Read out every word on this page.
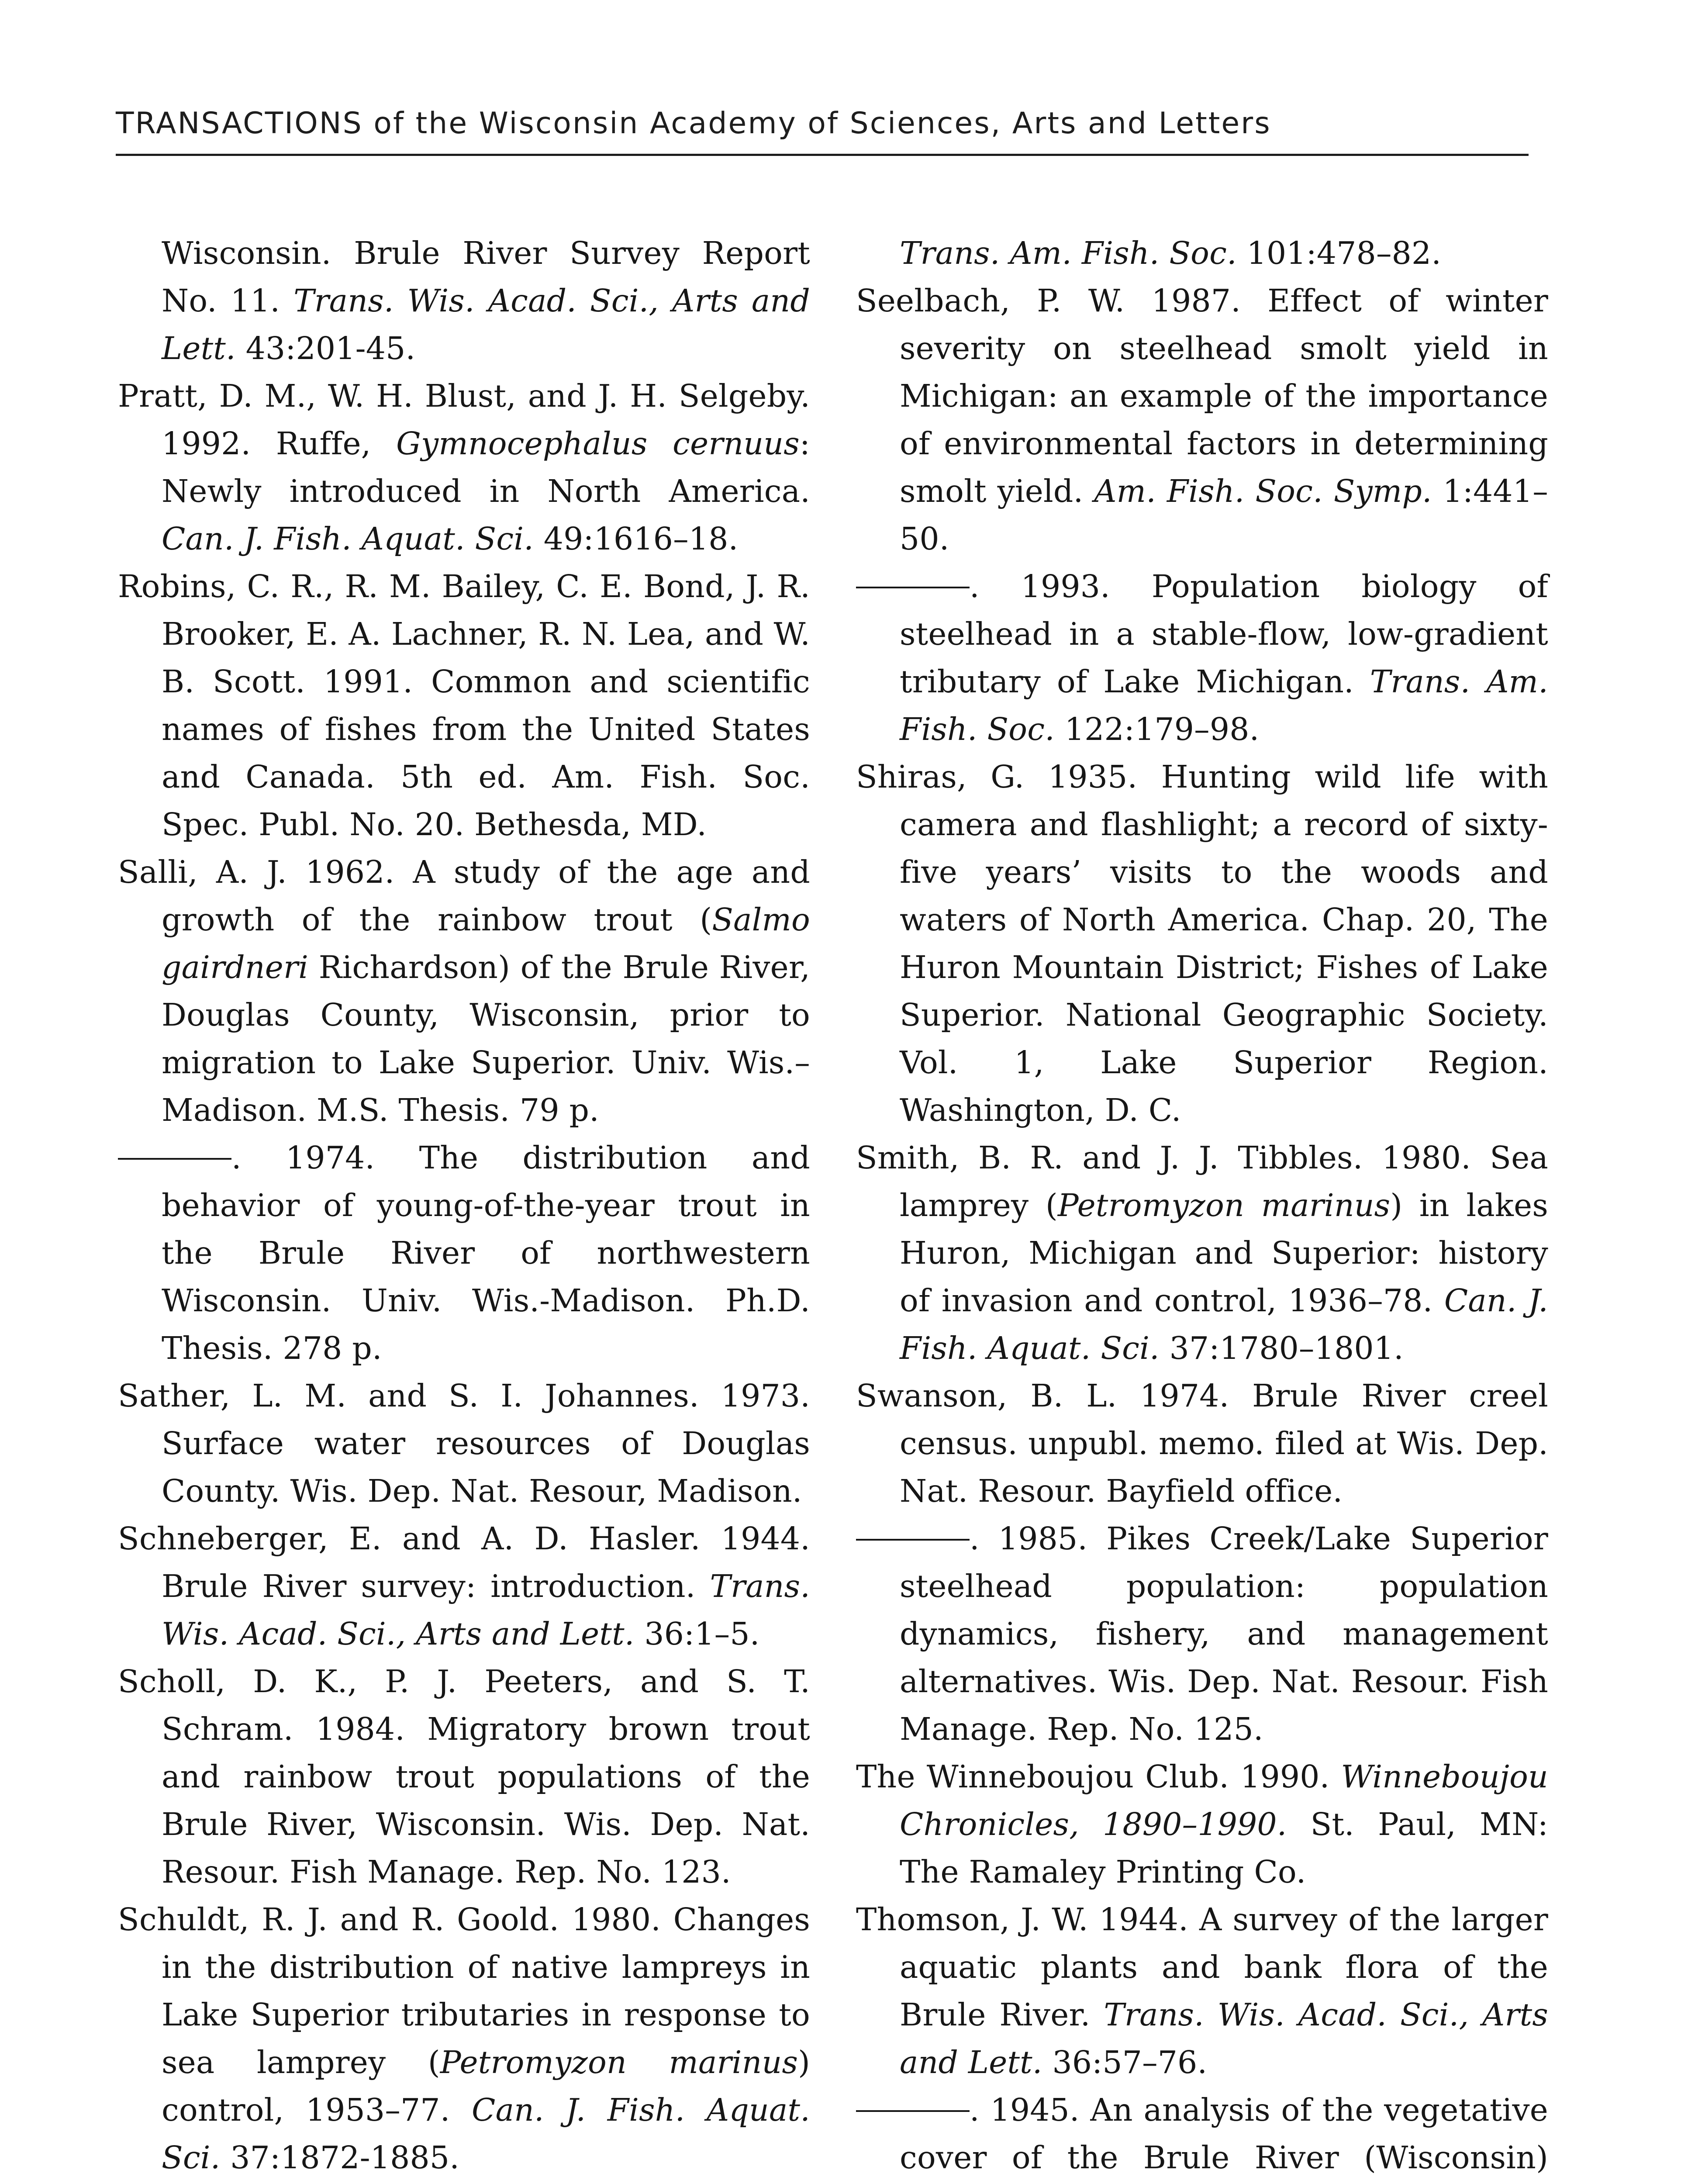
TRANSACTIONS of the Wisconsin Academy of Sciences, Arts and Letters

Wisconsin. Brule River Survey Report No. 11. Trans. Wis. Acad. Sci., Arts and Lett. 43:201-45.

Pratt, D. M., W. H. Blust, and J. H. Selgeby. 1992. Ruffe, Gymnocephalus cernuus: Newly introduced in North America. Can. J. Fish. Aquat. Sci. 49:1616–18.

Robins, C. R., R. M. Bailey, C. E. Bond, J. R. Brooker, E. A. Lachner, R. N. Lea, and W. B. Scott. 1991. Common and scientific names of fishes from the United States and Canada. 5th ed. Am. Fish. Soc. Spec. Publ. No. 20. Bethesda, MD.

Salli, A. J. 1962. A study of the age and growth of the rainbow trout (Salmo gairdneri Richardson) of the Brule River, Douglas County, Wisconsin, prior to migration to Lake Superior. Univ. Wis.–Madison. M.S. Thesis. 79 p.

. 1974. The distribution and behavior of young-of-the-year trout in the Brule River of northwestern Wisconsin. Univ. Wis.-Madison. Ph.D. Thesis. 278 p.

Sather, L. M. and S. I. Johannes. 1973. Surface water resources of Douglas County. Wis. Dep. Nat. Resour, Madison.

Schneberger, E. and A. D. Hasler. 1944. Brule River survey: introduction. Trans. Wis. Acad. Sci., Arts and Lett. 36:1–5.

Scholl, D. K., P. J. Peeters, and S. T. Schram. 1984. Migratory brown trout and rainbow trout populations of the Brule River, Wisconsin. Wis. Dep. Nat. Resour. Fish Manage. Rep. No. 123.

Schuldt, R. J. and R. Goold. 1980. Changes in the distribution of native lampreys in Lake Superior tributaries in response to sea lamprey (Petromyzon marinus) control, 1953–77. Can. J. Fish. Aquat. Sci. 37:1872-1885.

Trans. Am. Fish. Soc. 101:478–82.

Seelbach, P. W. 1987. Effect of winter severity on steelhead smolt yield in Michigan: an example of the importance of environmental factors in determining smolt yield. Am. Fish. Soc. Symp. 1:441–50.

. 1993. Population biology of steelhead in a stable-flow, low-gradient tributary of Lake Michigan. Trans. Am. Fish. Soc. 122:179–98.

Shiras, G. 1935. Hunting wild life with camera and flashlight; a record of sixty-five years’ visits to the woods and waters of North America. Chap. 20, The Huron Mountain District; Fishes of Lake Superior. National Geographic Society. Vol. 1, Lake Superior Region. Washington, D. C.

Smith, B. R. and J. J. Tibbles. 1980. Sea lamprey (Petromyzon marinus) in lakes Huron, Michigan and Superior: history of invasion and control, 1936–78. Can. J. Fish. Aquat. Sci. 37:1780–1801.

Swanson, B. L. 1974. Brule River creel census. unpubl. memo. filed at Wis. Dep. Nat. Resour. Bayfield office.

. 1985. Pikes Creek/Lake Superior steelhead population: population dynamics, fishery, and management alternatives. Wis. Dep. Nat. Resour. Fish Manage. Rep. No. 125.

The Winneboujou Club. 1990. Winneboujou Chronicles, 1890–1990. St. Paul, MN: The Ramaley Printing Co.

Thomson, J. W. 1944. A survey of the larger aquatic plants and bank flora of the Brule River. Trans. Wis. Acad. Sci., Arts and Lett. 36:57–76.

. 1945. An analysis of the vegetative cover of the Brule River (Wisconsin)
